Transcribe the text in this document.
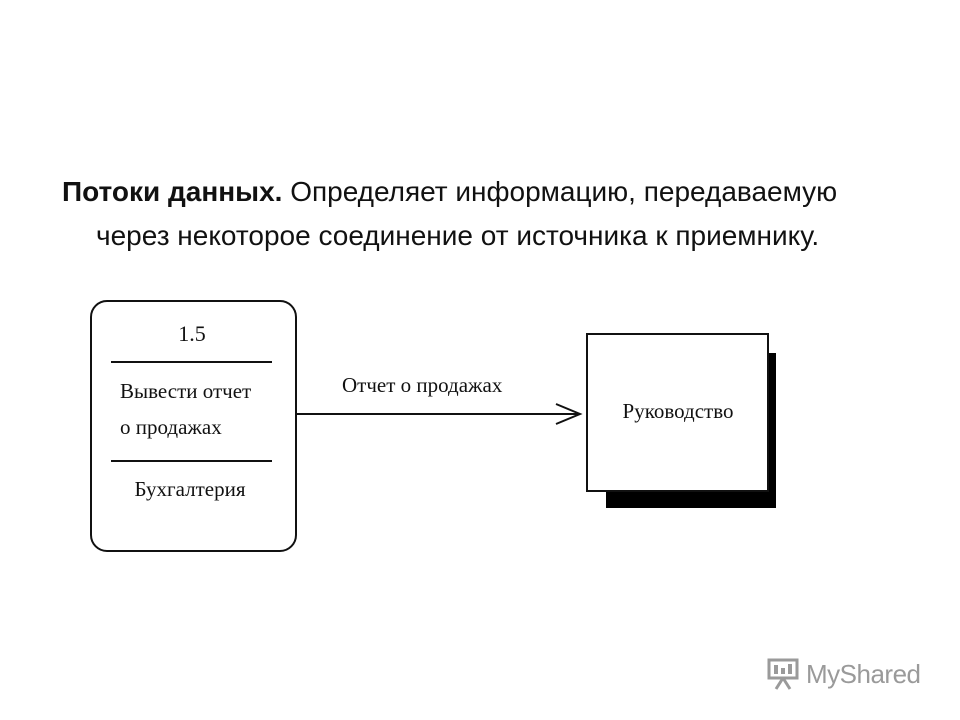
Потоки данных. Определяет информацию, передаваемую через некоторое соединение от источника к приемнику.
1.5
Вывести отчет
о продажах
Бухгалтерия
Отчет о продажах
Руководство
MyShared
